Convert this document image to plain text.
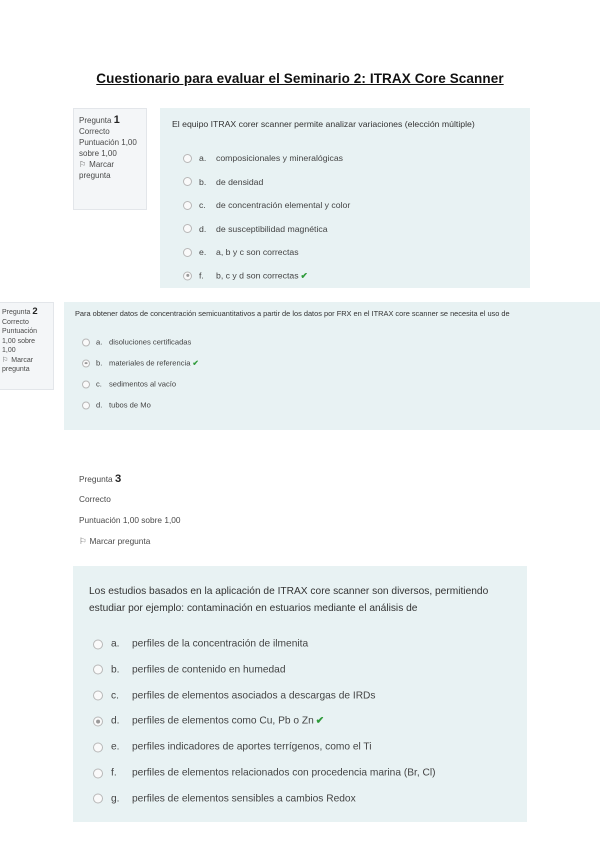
Cuestionario para evaluar el Seminario 2: ITRAX Core Scanner
Pregunta 1
Correcto
Puntuación 1,00 sobre 1,00
⚐ Marcar pregunta
El equipo ITRAX corer scanner permite analizar variaciones (elección múltiple)
a.	composicionales y mineralógicas
b.	de densidad
c.	de concentración elemental y color
d.	de susceptibilidad magnética
e.	a, b y c son correctas
f.	b, c y d son correctas ✔
Pregunta 2
Correcto
Puntuación 1,00 sobre 1,00
⚐ Marcar pregunta
Para obtener datos de concentración semicuantitativos a partir de los datos por FRX en el ITRAX core scanner se necesita el uso de
a. disoluciones certificadas
b. materiales de referencia ✔
c. sedimentos al vacío
d. tubos de Mo
Pregunta 3
Correcto
Puntuación 1,00 sobre 1,00
⚐ Marcar pregunta
Los estudios basados en la aplicación de ITRAX core scanner son diversos, permitiendo estudiar por ejemplo: contaminación en estuarios mediante el análisis de
a.	perfiles de la concentración de ilmenita
b.	perfiles de contenido en humedad
c.	perfiles de elementos asociados a descargas de IRDs
d.	perfiles de elementos como Cu, Pb o Zn ✔
e.	perfiles indicadores de aportes terrígenos, como el Ti
f.	perfiles de elementos relacionados con procedencia marina (Br, Cl)
g.	perfiles de elementos sensibles a cambios Redox
